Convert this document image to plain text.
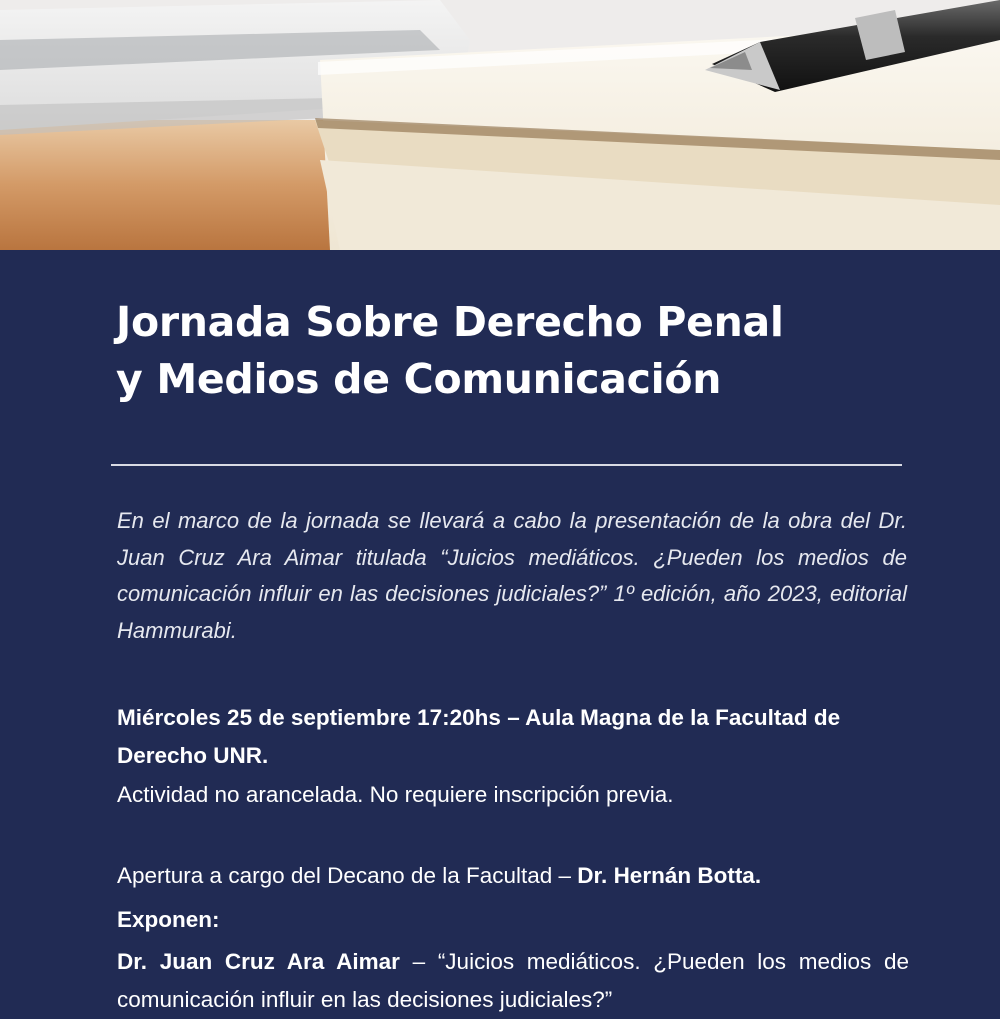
Jornada Sobre Derecho Penal
y Medios de Comunicación

En el marco de la jornada se llevará a cabo la presentación de la obra del Dr. Juan Cruz Ara Aimar titulada “Juicios mediáticos. ¿Pueden los medios de comunicación influir en las decisiones judiciales?” 1º edición, año 2023, editorial Hammurabi.

Miércoles 25 de septiembre 17:20hs – Aula Magna de la Facultad de Derecho UNR.

Actividad no arancelada. No requiere inscripción previa.

Apertura a cargo del Decano de la Facultad – Dr. Hernán Botta.

Exponen:

Dr. Juan Cruz Ara Aimar – “Juicios mediáticos. ¿Pueden los medios de comunicación influir en las decisiones judiciales?”
